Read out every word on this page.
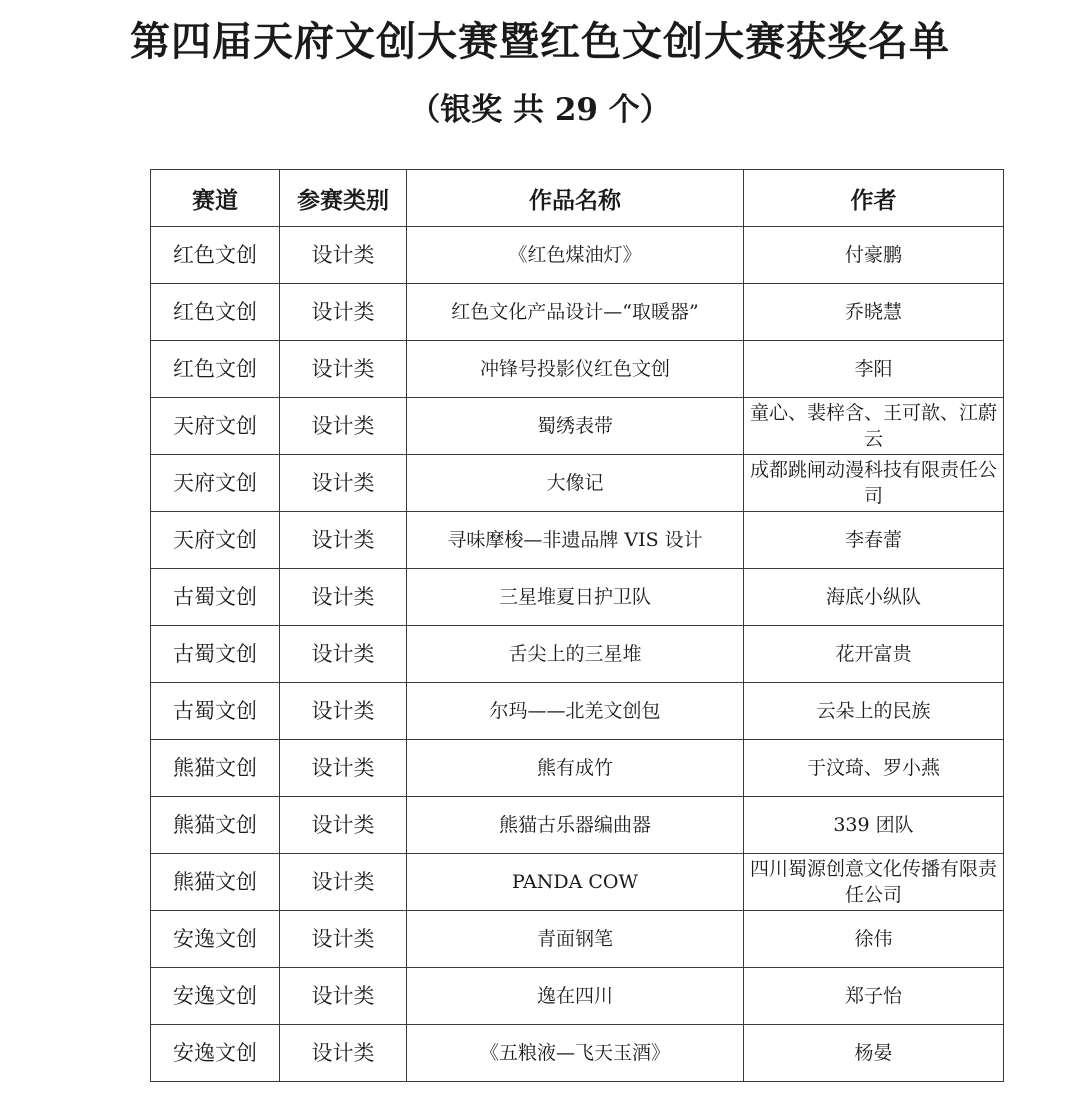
第四届天府文创大赛暨红色文创大赛获奖名单
（银奖 共 29 个）
赛道	参赛类别	作品名称	作者
红色文创	设计类	《红色煤油灯》	付豪鹏
红色文创	设计类	红色文化产品设计—“取暖器”	乔晓慧
红色文创	设计类	冲锋号投影仪红色文创	李阳
天府文创	设计类	蜀绣表带	童心、裴梓含、王可歆、江蔚云
天府文创	设计类	大像记	成都跳闸动漫科技有限责任公司
天府文创	设计类	寻味摩梭—非遗品牌 VIS 设计	李春蕾
古蜀文创	设计类	三星堆夏日护卫队	海底小纵队
古蜀文创	设计类	舌尖上的三星堆	花开富贵
古蜀文创	设计类	尔玛——北羌文创包	云朵上的民族
熊猫文创	设计类	熊有成竹	于汶琦、罗小燕
熊猫文创	设计类	熊猫古乐器编曲器	339 团队
熊猫文创	设计类	PANDA COW	四川蜀源创意文化传播有限责任公司
安逸文创	设计类	青面钢笔	徐伟
安逸文创	设计类	逸在四川	郑子怡
安逸文创	设计类	《五粮液—飞天玉酒》	杨晏
